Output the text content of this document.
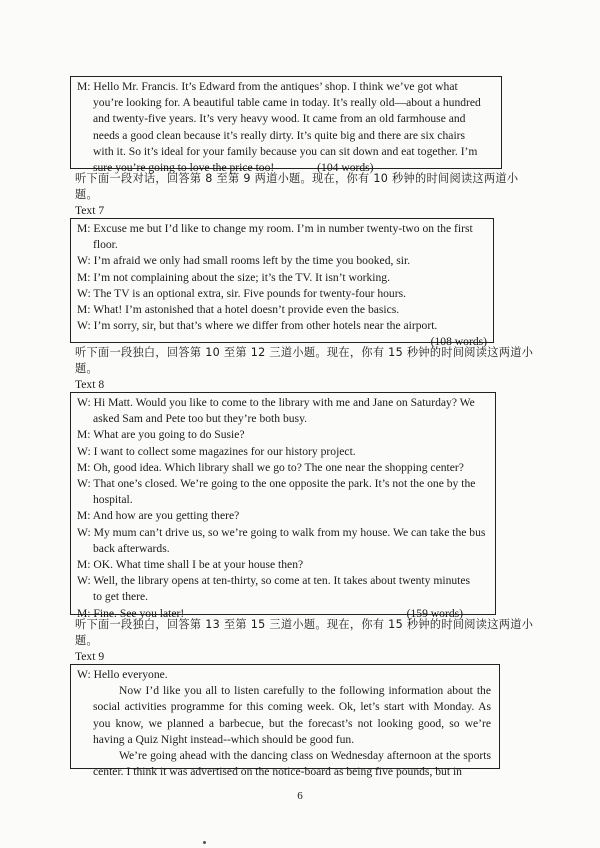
M: Hello Mr. Francis. It’s Edward from the antiques’ shop. I think we’ve got what
you’re looking for. A beautiful table came in today. It’s really old—about a hundred
and twenty-five years. It’s very heavy wood. It came from an old farmhouse and
needs a good clean because it’s really dirty. It’s quite big and there are six chairs
with it. So it’s ideal for your family because you can sit down and eat together. I’m
sure you’re going to love the price too!	(104 words)
听下面一段对话，回答第 8 至第 9 两道小题。现在，你有 10 秒钟的时间阅读这两道小题。
Text 7
M: Excuse me but I’d like to change my room. I’m in number twenty-two on the first floor.
W: I’m afraid we only had small rooms left by the time you booked, sir.
M: I’m not complaining about the size; it’s the TV. It isn’t working.
W: The TV is an optional extra, sir. Five pounds for twenty-four hours.
M: What! I’m astonished that a hotel doesn’t provide even the basics.
W: I’m sorry, sir, but that’s where we differ from other hotels near the airport.
(108 words)
听下面一段独白，回答第 10 至第 12 三道小题。现在，你有 15 秒钟的时间阅读这两道小题。
Text 8
W: Hi Matt. Would you like to come to the library with me and Jane on Saturday? We asked Sam and Pete too but they’re both busy.
M: What are you going to do Susie?
W: I want to collect some magazines for our history project.
M: Oh, good idea. Which library shall we go to? The one near the shopping center?
W: That one’s closed. We’re going to the one opposite the park. It’s not the one by the hospital.
M: And how are you getting there?
W: My mum can’t drive us, so we’re going to walk from my house. We can take the bus back afterwards.
M: OK. What time shall I be at your house then?
W: Well, the library opens at ten-thirty, so come at ten. It takes about twenty minutes to get there.
M: Fine. See you later!	(159 words)
听下面一段独白，回答第 13 至第 15 三道小题。现在，你有 15 秒钟的时间阅读这两道小题。
Text 9
W: Hello everyone.
Now I’d like you all to listen carefully to the following information about the social activities programme for this coming week. Ok, let’s start with Monday. As you know, we planned a barbecue, but the forecast’s not looking good, so we’re having a Quiz Night instead--which should be good fun.
We’re going ahead with the dancing class on Wednesday afternoon at the sports center. I think it was advertised on the notice-board as being five pounds, but in
6
